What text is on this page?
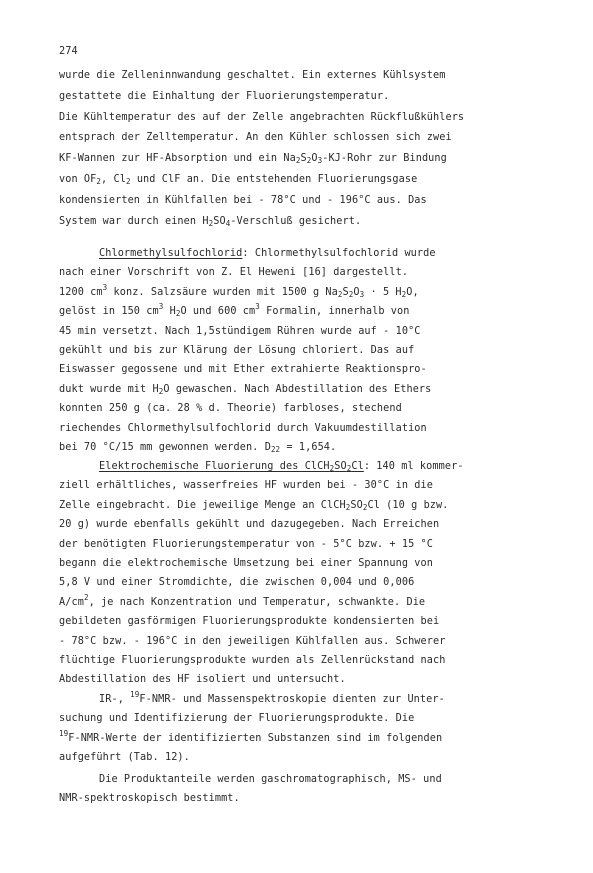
274
wurde die Zelleninnwandung geschaltet. Ein externes Kühlsystem
gestattete die Einhaltung der Fluorierungstemperatur.
Die Kühltemperatur des auf der Zelle angebrachten Rückflußkühlers
entsprach der Zelltemperatur. An den Kühler schlossen sich zwei
KF-Wannen zur HF-Absorption und ein $Na_2S_2O_3-KJ$-Rohr zur Bindung
von $OF_2$, $Cl_2$ und ClF an. Die entstehenden Fluorierungsgase
kondensierten in Kühlfallen bei - 78°C und - 196°C aus. Das
System war durch einen $H_2SO_4$-Verschluß gesichert.
Chlormethylsulfochlorid: Chlormethylsulfochlorid wurde
nach einer Vorschrift von Z. El Heweni [16] dargestellt.
1200 $cm^3$ konz. Salzsäure wurden mit 1500 g $Na_2S_2O_3 \cdot 5$ $H_2O$,
gelöst in 150 $cm^3$ $H_2O$ und 600 $cm^3$ Formalin, innerhalb von
45 min versetzt. Nach 1,5stündigem Rühren wurde auf - 10°C
gekühlt und bis zur Klärung der Lösung chloriert. Das auf
Eiswasser gegossene und mit Ether extrahierte Reaktionspro-
dukt wurde mit $H_2O$ gewaschen. Nach Abdestillation des Ethers
konnten 250 g (ca. 28 % d. Theorie) farbloses, stechend
riechendes Chlormethylsulfochlorid durch Vakuumdestillation
bei 70 °C/15 mm gewonnen werden. $D_{22} = 1,654$.
Elektrochemische Fluorierung des $ClCH_2SO_2Cl$: 140 ml kommer-
ziell erhältliches, wasserfreies HF wurden bei - 30°C in die
Zelle eingebracht. Die jeweilige Menge an $ClCH_2SO_2Cl$ (10 g bzw.
20 g) wurde ebenfalls gekühlt und dazugegeben. Nach Erreichen
der benötigten Fluorierungstemperatur von - 5°C bzw. + 15 °C
begann die elektrochemische Umsetzung bei einer Spannung von
5,8 V und einer Stromdichte, die zwischen 0,004 und 0,006
$A/cm^2$, je nach Konzentration und Temperatur, schwankte. Die
gebildeten gasförmigen Fluorierungsprodukte kondensierten bei
- 78°C bzw. - 196°C in den jeweiligen Kühlfallen aus. Schwerer
flüchtige Fluorierungsprodukte wurden als Zellenrückstand nach
Abdestillation des HF isoliert und untersucht.
IR-, $^{19}$F-NMR- und Massenspektroskopie dienten zur Unter-
suchung und Identifizierung der Fluorierungsprodukte. Die
$^{19}$F-NMR-Werte der identifizierten Substanzen sind im folgenden
aufgeführt (Tab. 12).
Die Produktanteile werden gaschromatographisch, MS- und
NMR-spektroskopisch bestimmt.
